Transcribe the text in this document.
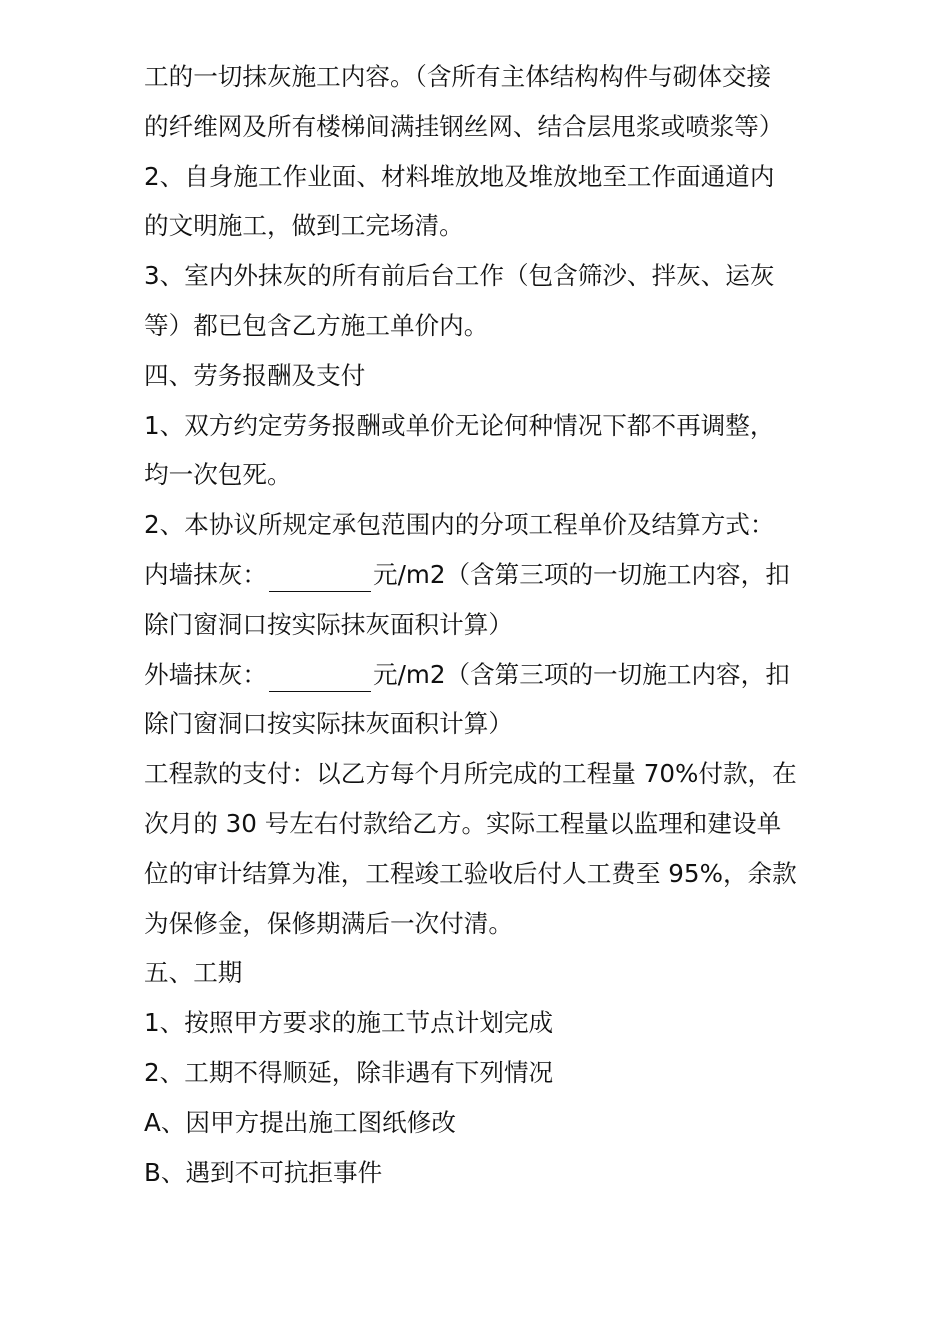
工的一切抹灰施工内容。（含所有主体结构构件与砌体交接
的纤维网及所有楼梯间满挂钢丝网、结合层甩浆或喷浆等）
2、自身施工作业面、材料堆放地及堆放地至工作面通道内
的文明施工，做到工完场清。
3、室内外抹灰的所有前后台工作（包含筛沙、拌灰、运灰
等）都已包含乙方施工单价内。
四、劳务报酬及支付
1、双方约定劳务报酬或单价无论何种情况下都不再调整，
均一次包死。
2、本协议所规定承包范围内的分项工程单价及结算方式：
内墙抹灰：	元/m2（含第三项的一切施工内容，扣
除门窗洞口按实际抹灰面积计算）
外墙抹灰：	元/m2（含第三项的一切施工内容，扣
除门窗洞口按实际抹灰面积计算）
工程款的支付：以乙方每个月所完成的工程量 70%付款，在
次月的 30 号左右付款给乙方。实际工程量以监理和建设单
位的审计结算为准，工程竣工验收后付人工费至 95%，余款
为保修金，保修期满后一次付清。
五、工期
1、按照甲方要求的施工节点计划完成
2、工期不得顺延，除非遇有下列情况
A、因甲方提出施工图纸修改
B、遇到不可抗拒事件
